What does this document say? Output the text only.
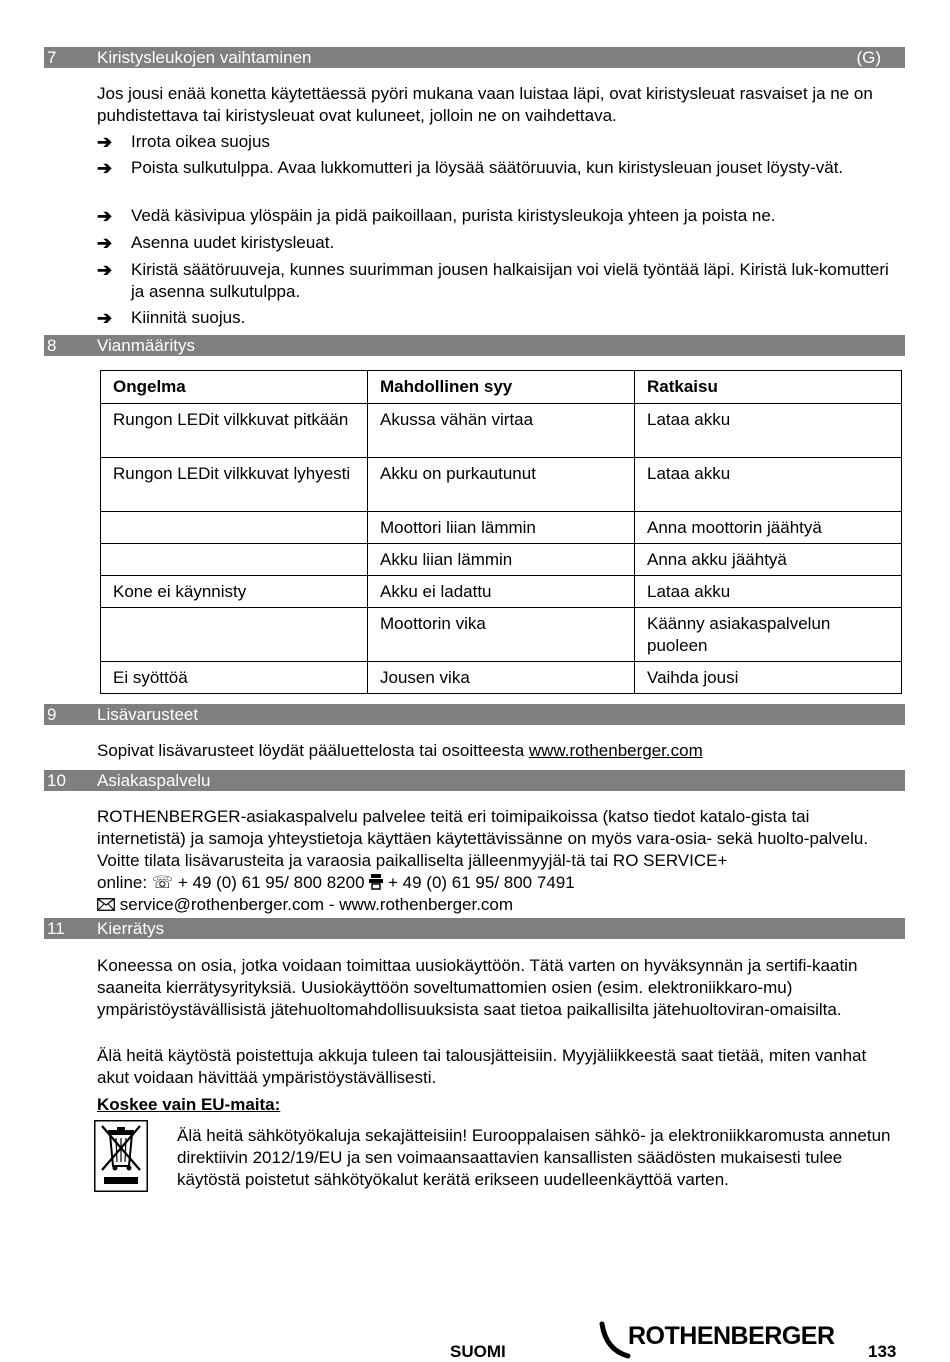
7 Kiristysleukojen vaihtaminen	(G)

Jos jousi enää konetta käytettäessä pyöri mukana vaan luistaa läpi, ovat kiristysleuat rasvaiset ja ne on puhdistettava tai kiristysleuat ovat kuluneet, jolloin ne on vaihdettava.

➔ Irrota oikea suojus
➔ Poista sulkutulppa. Avaa lukkomutteri ja löysää säätöruuvia, kun kiristysleuan jouset löysty-vät.
➔ Vedä käsivipua ylöspäin ja pidä paikoillaan, purista kiristysleukoja yhteen ja poista ne.
➔ Asenna uudet kiristysleuat.
➔ Kiristä säätöruuveja, kunnes suurimman jousen halkaisijan voi vielä työntää läpi. Kiristä luk-komutteri ja asenna sulkutulppa.
➔ Kiinnitä suojus.
8 Vianmääritys
Ongelma	Mahdollinen syy	Ratkaisu
Rungon LEDit vilkkuvat pitkään	Akussa vähän virtaa	Lataa akku
Rungon LEDit vilkkuvat lyhyesti	Akku on purkautunut	Lataa akku
	Moottori liian lämmin	Anna moottorin jäähtyä
	Akku liian lämmin	Anna akku jäähtyä
Kone ei käynnisty	Akku ei ladattu	Lataa akku
	Moottorin vika	Käänny asiakaspalvelun puoleen
Ei syöttöä	Jousen vika	Vaihda jousi
9 Lisävarusteet
Sopivat lisävarusteet löydät pääluettelosta tai osoitteesta www.rothenberger.com
10 Asiakaspalvelu

ROTHENBERGER-asiakaspalvelu palvelee teitä eri toimipaikoissa (katso tiedot katalo-gista tai internetistä) ja samoja yhteystietoja käyttäen käytettävissänne on myös vara-osia- sekä huolto-palvelu. Voitte tilata lisävarusteita ja varaosia paikalliselta jälleenmyyjäl-tä tai RO SERVICE+

online: ☏ + 49 (0) 61 95/ 800 8200 + 49 (0) 61 95/ 800 7491

service@rothenberger.com - www.rothenberger.com

11 Kierrätys

Koneessa on osia, jotka voidaan toimittaa uusiokäyttöön. Tätä varten on hyväksynnän ja sertifi-kaatin saaneita kierrätysyrityksiä. Uusiokäyttöön soveltumattomien osien (esim. elektroniikkaro-mu) ympäristöystävällisistä jätehuoltomahdollisuuksista saat tietoa paikallisilta jätehuoltoviran-omaisilta.

Älä heitä käytöstä poistettuja akkuja tuleen tai talousjätteisiin. Myyjäliikkeestä saat tietää, miten vanhat akut voidaan hävittää ympäristöystävällisesti.

Koskee vain EU-maita:

Älä heitä sähkötyökaluja sekajätteisiin! Eurooppalaisen sähkö- ja elektroniikkaromusta annetun direktiivin 2012/19/EU ja sen voimaansaattavien kansallisten säädösten mukaisesti tulee käytöstä poistetut sähkötyökalut kerätä erikseen uudelleenkäyttöä varten.

SUOMI
ROTHENBERGER
133
